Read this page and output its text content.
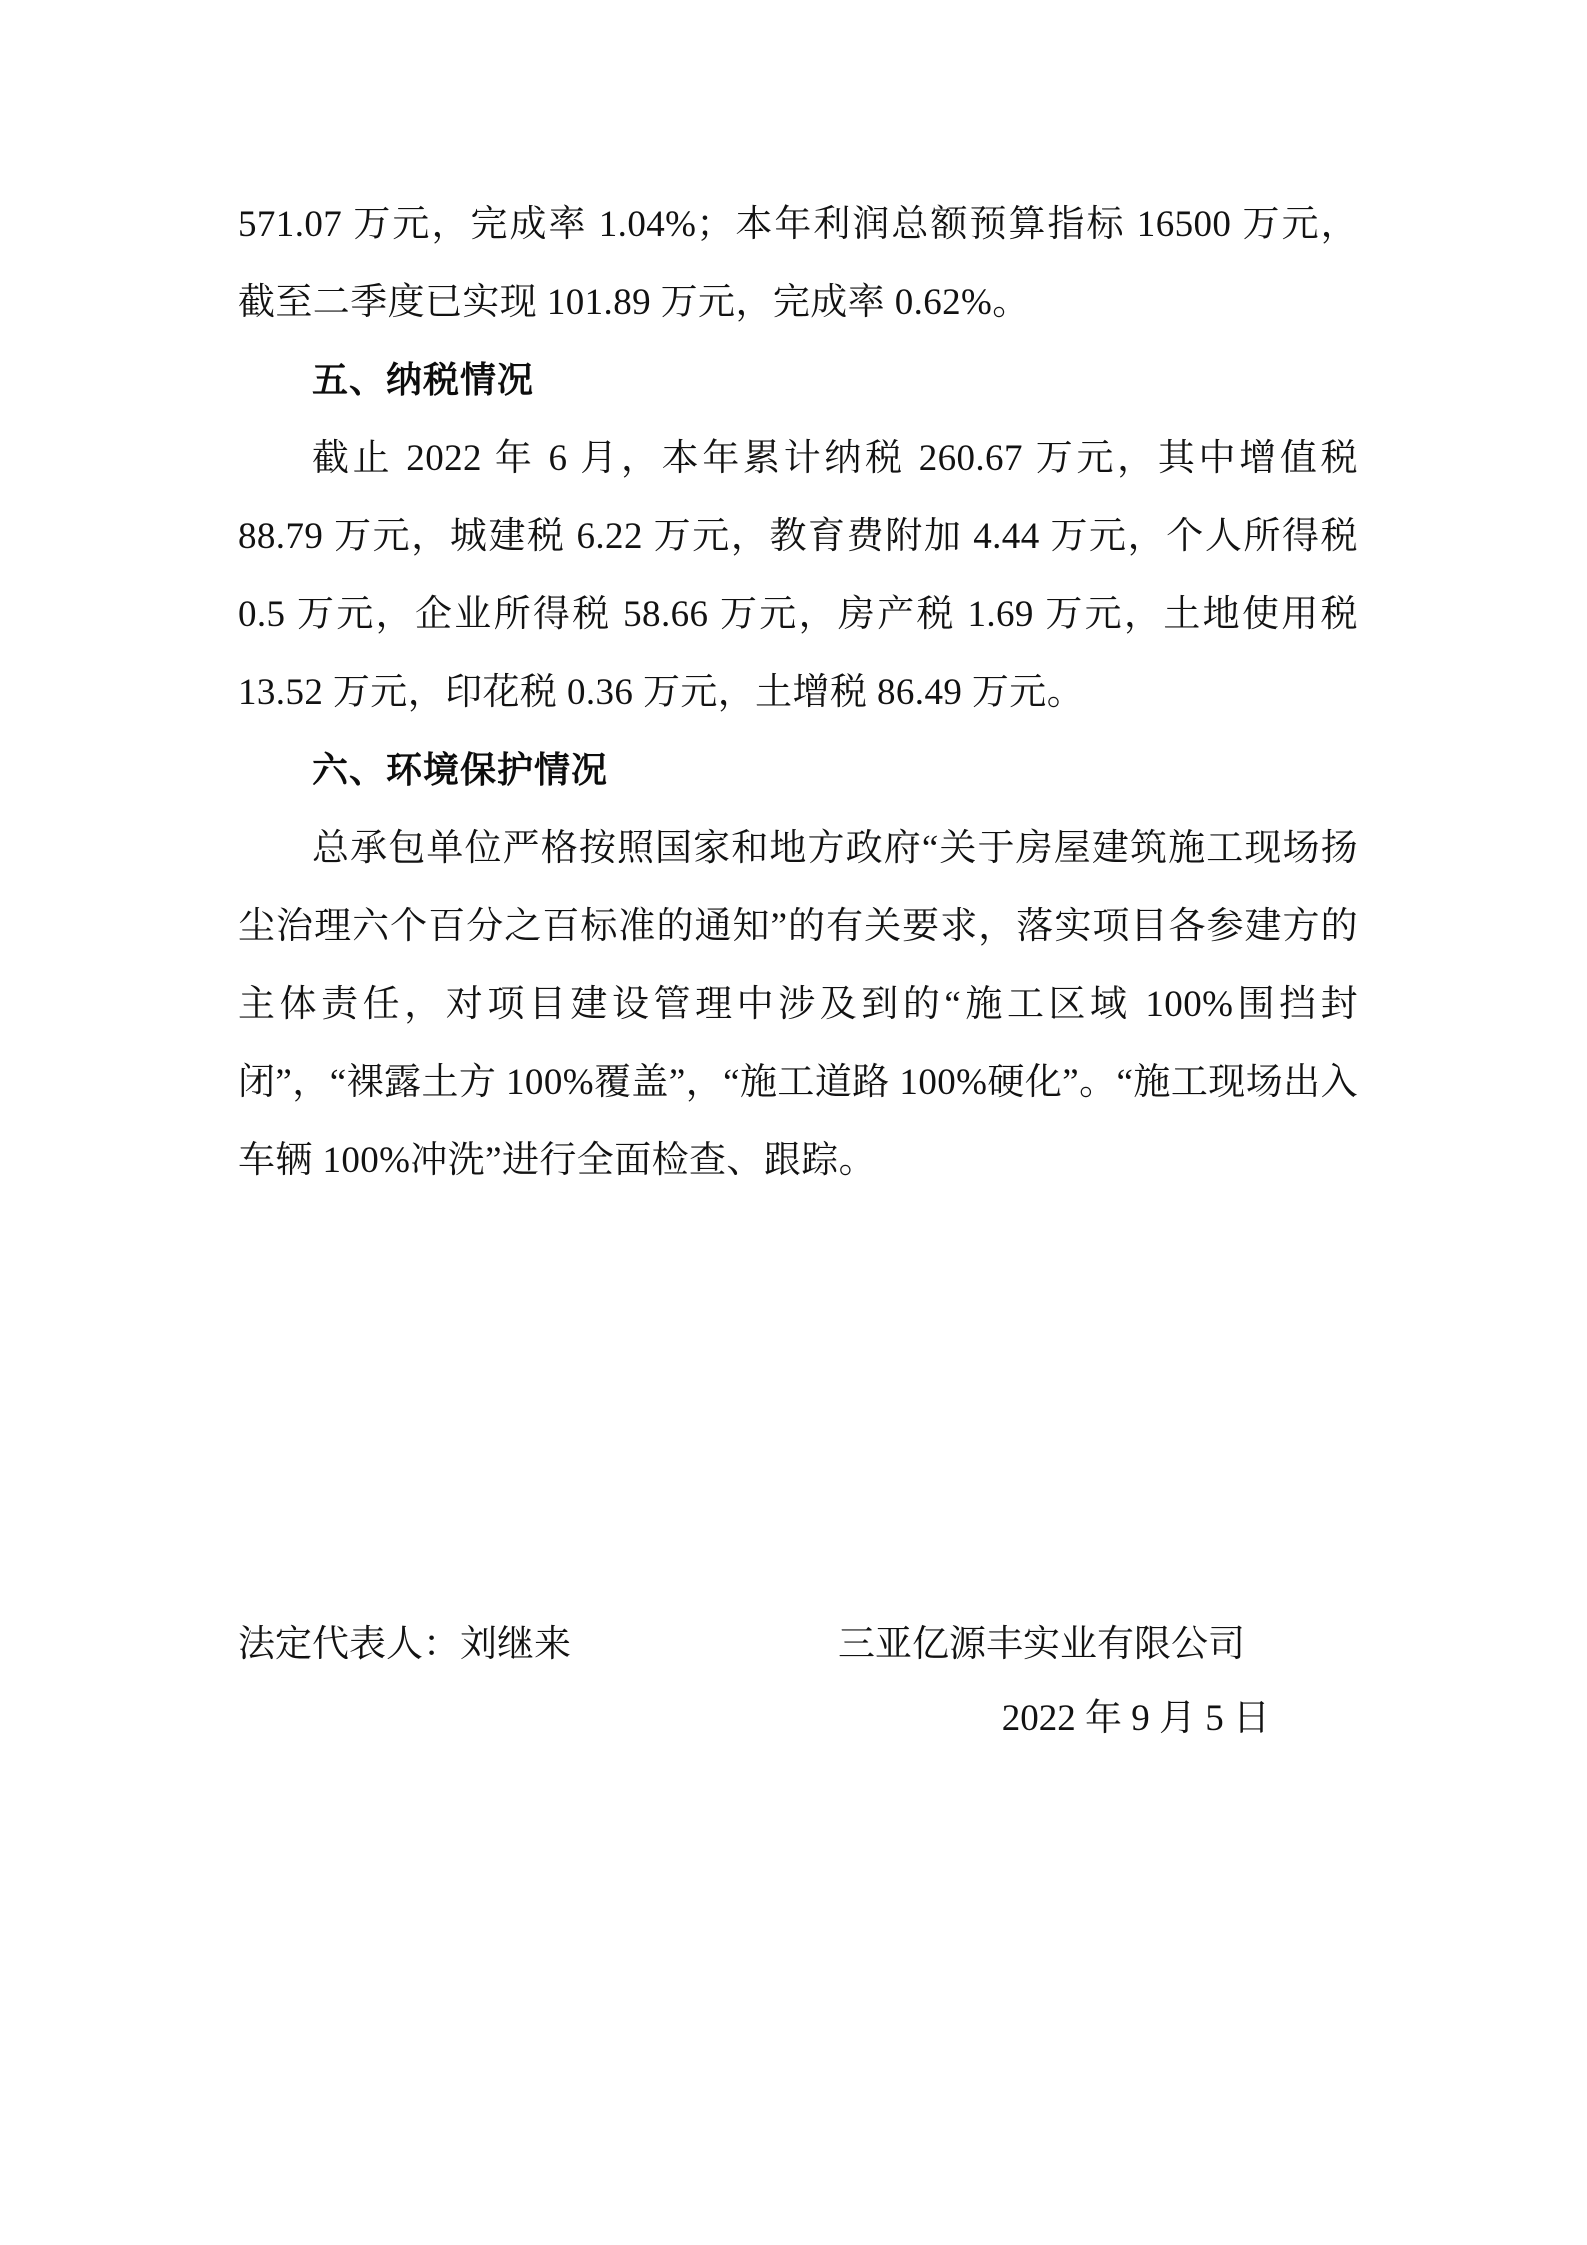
571.07 万元，完成率 1.04%；本年利润总额预算指标 16500 万元，截至二季度已实现 101.89 万元，完成率 0.62%。

五、纳税情况

截止 2022 年 6 月，本年累计纳税 260.67 万元，其中增值税 88.79 万元，城建税 6.22 万元，教育费附加 4.44 万元，个人所得税 0.5 万元，企业所得税 58.66 万元，房产税 1.69 万元，土地使用税 13.52 万元，印花税 0.36 万元，土增税 86.49 万元。

六、环境保护情况

总承包单位严格按照国家和地方政府“关于房屋建筑施工现场扬尘治理六个百分之百标准的通知”的有关要求，落实项目各参建方的主体责任，对项目建设管理中涉及到的“施工区域 100%围挡封闭”，“裸露土方 100%覆盖”，“施工道路 100%硬化”。“施工现场出入车辆 100%冲洗”进行全面检查、跟踪。

法定代表人：刘继来	三亚亿源丰实业有限公司
2022 年 9 月 5 日
